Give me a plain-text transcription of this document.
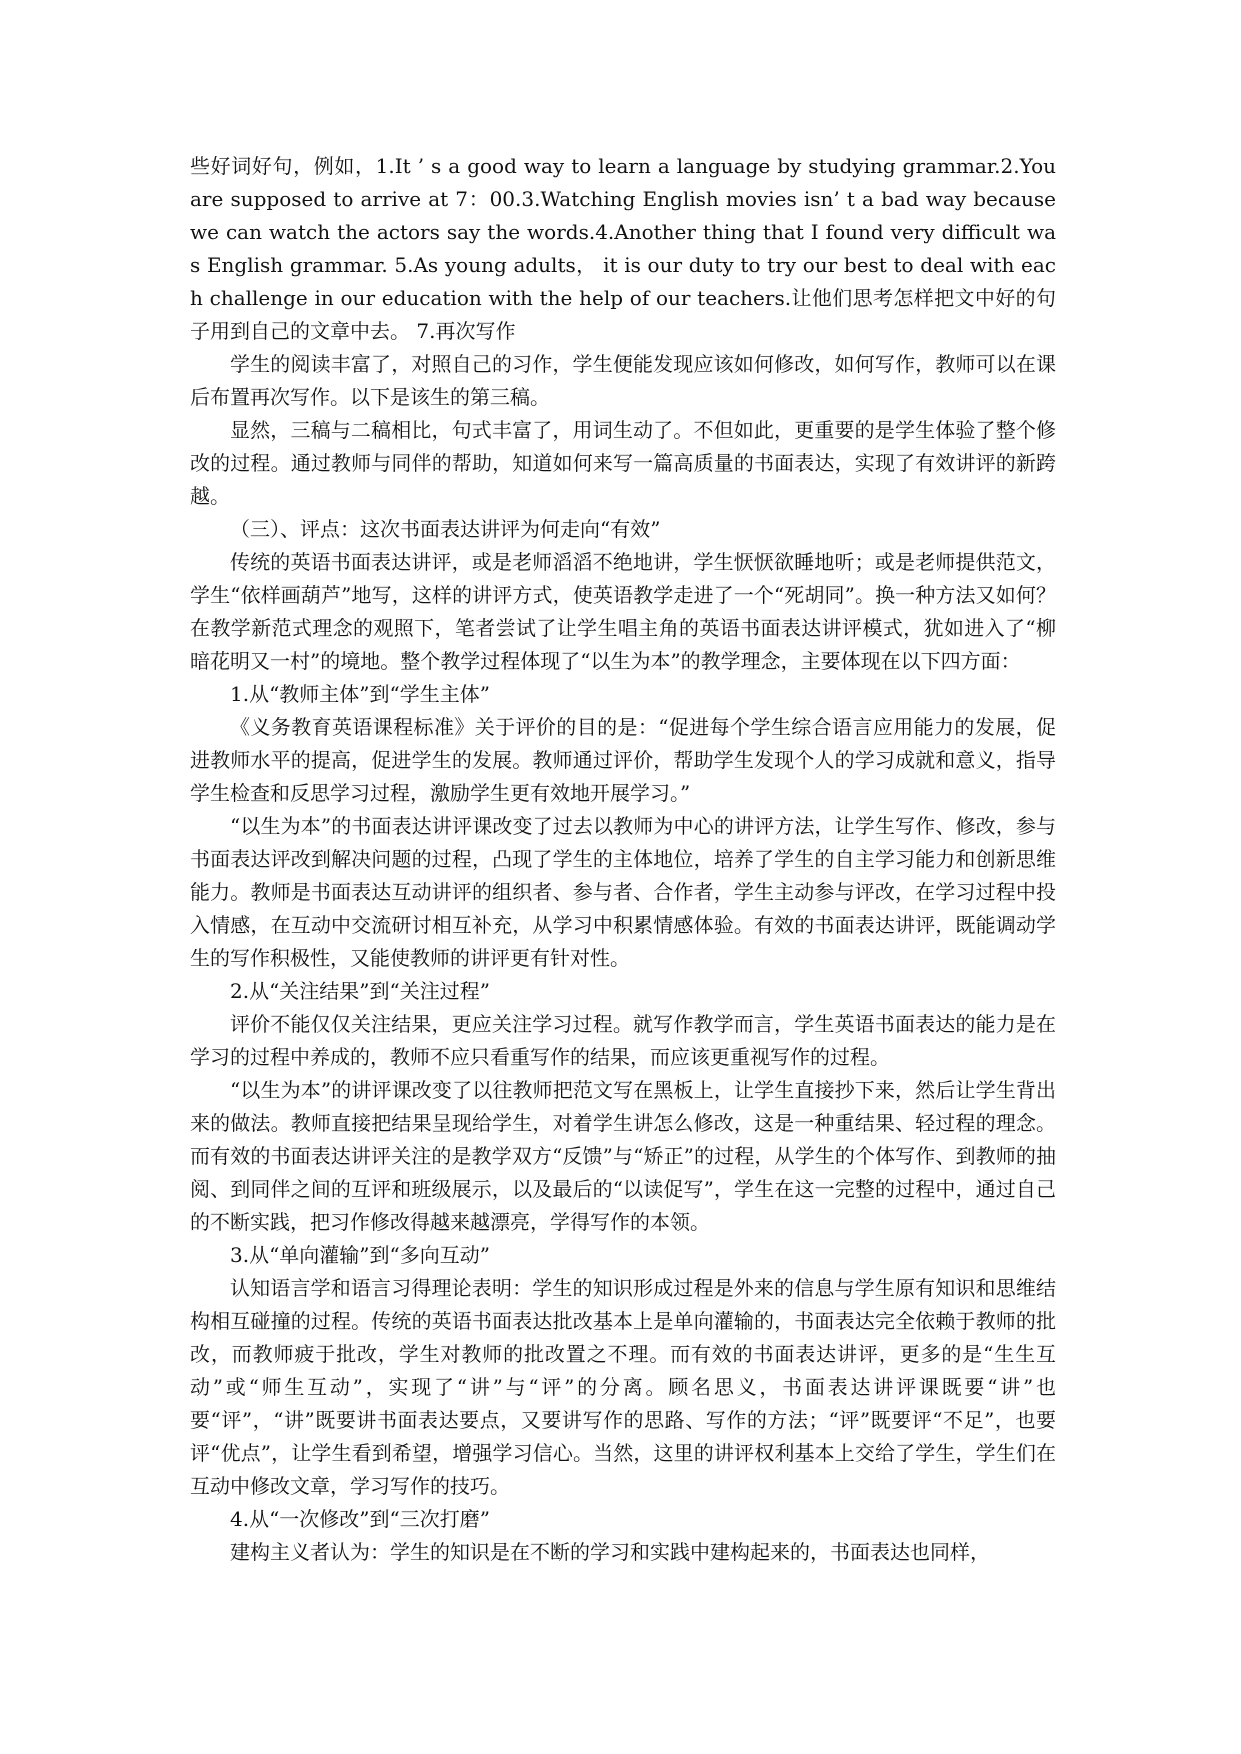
些好词好句，例如，1.It ’ s a good way to learn a language by studying grammar.2.You are supposed to arrive at 7：00.3.Watching English movies isn’ t a bad way because we can watch the actors say the words.4.Another thing that I found very difficult was English grammar. 5.As young adults， it is our duty to try our best to deal with each challenge in our education with the help of our teachers.让他们思考怎样把文中好的句子用到自己的文章中去。 7.再次写作

学生的阅读丰富了，对照自己的习作，学生便能发现应该如何修改，如何写作，教师可以在课后布置再次写作。以下是该生的第三稿。

显然，三稿与二稿相比，句式丰富了，用词生动了。不但如此，更重要的是学生体验了整个修改的过程。通过教师与同伴的帮助，知道如何来写一篇高质量的书面表达，实现了有效讲评的新跨越。

（三）、评点：这次书面表达讲评为何走向“有效”

传统的英语书面表达讲评，或是老师滔滔不绝地讲，学生恹恹欲睡地听；或是老师提供范文，学生“依样画葫芦”地写，这样的讲评方式，使英语教学走进了一个“死胡同”。换一种方法又如何？在教学新范式理念的观照下，笔者尝试了让学生唱主角的英语书面表达讲评模式，犹如进入了“柳暗花明又一村”的境地。整个教学过程体现了“以生为本”的教学理念，主要体现在以下四方面：

1.从“教师主体”到“学生主体”

《义务教育英语课程标准》关于评价的目的是：“促进每个学生综合语言应用能力的发展，促进教师水平的提高，促进学生的发展。教师通过评价，帮助学生发现个人的学习成就和意义，指导学生检查和反思学习过程，激励学生更有效地开展学习。”

“以生为本”的书面表达讲评课改变了过去以教师为中心的讲评方法，让学生写作、修改，参与书面表达评改到解决问题的过程，凸现了学生的主体地位，培养了学生的自主学习能力和创新思维能力。教师是书面表达互动讲评的组织者、参与者、合作者，学生主动参与评改，在学习过程中投入情感，在互动中交流研讨相互补充，从学习中积累情感体验。有效的书面表达讲评，既能调动学生的写作积极性，又能使教师的讲评更有针对性。

2.从“关注结果”到“关注过程”

评价不能仅仅关注结果，更应关注学习过程。就写作教学而言，学生英语书面表达的能力是在学习的过程中养成的，教师不应只看重写作的结果，而应该更重视写作的过程。

“以生为本”的讲评课改变了以往教师把范文写在黑板上，让学生直接抄下来，然后让学生背出来的做法。教师直接把结果呈现给学生，对着学生讲怎么修改，这是一种重结果、轻过程的理念。而有效的书面表达讲评关注的是教学双方“反馈”与“矫正”的过程，从学生的个体写作、到教师的抽阅、到同伴之间的互评和班级展示，以及最后的“以读促写”，学生在这一完整的过程中，通过自己的不断实践，把习作修改得越来越漂亮，学得写作的本领。

3.从“单向灌输”到“多向互动”

认知语言学和语言习得理论表明：学生的知识形成过程是外来的信息与学生原有知识和思维结构相互碰撞的过程。传统的英语书面表达批改基本上是单向灌输的，书面表达完全依赖于教师的批改，而教师疲于批改，学生对教师的批改置之不理。而有效的书面表达讲评，更多的是“生生互动”或“师生互动”，实现了“讲”与“评”的分离。顾名思义，书面表达讲评课既要“讲”也要“评”，“讲”既要讲书面表达要点，又要讲写作的思路、写作的方法；“评”既要评“不足”，也要评“优点”，让学生看到希望，增强学习信心。当然，这里的讲评权利基本上交给了学生，学生们在互动中修改文章，学习写作的技巧。

4.从“一次修改”到“三次打磨”

建构主义者认为：学生的知识是在不断的学习和实践中建构起来的，书面表达也同样，
